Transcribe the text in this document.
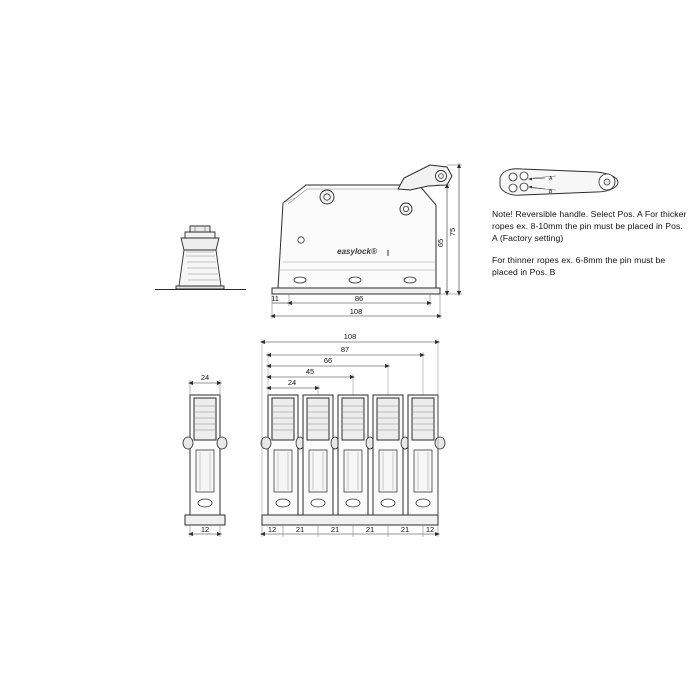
easylock®
75
65
86
11
108
A
B
24
12
108
87
66
45
24
12	21	21	21	21 12

Note! Reversible handle. Select Pos. A For thicker ropes ex. 8-10mm the pin must be placed in Pos. A (Factory setting)

For thinner ropes ex. 6-8mm the pin must be placed in Pos. B
